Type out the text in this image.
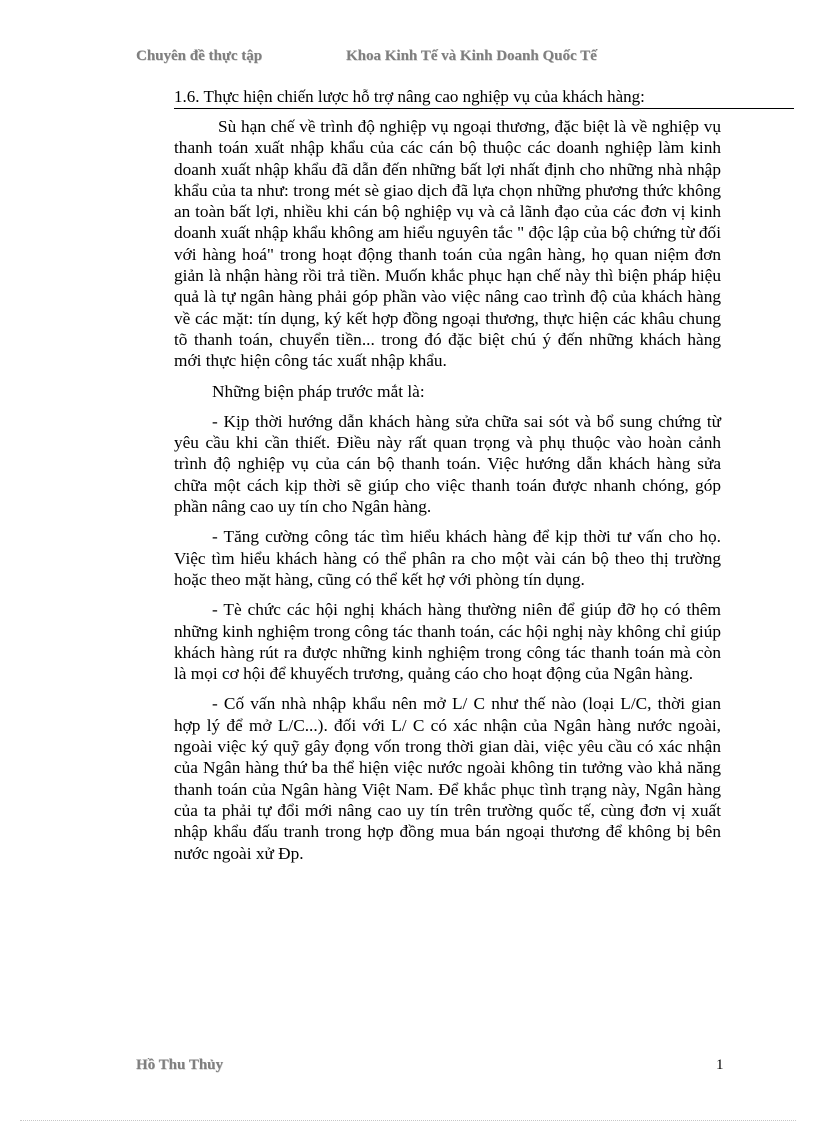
Chuyên đề thực tập	Khoa Kinh Tế và Kinh Doanh Quốc Tế
1.6. Thực hiện chiến lược hỗ trợ nâng cao nghiệp vụ của khách hàng:

Sù hạn chế về trình độ nghiệp vụ ngoại thương, đặc biệt là về nghiệp vụ thanh toán xuất nhập khẩu của các cán bộ thuộc các doanh nghiệp làm kinh doanh xuất nhập khẩu đã dẫn đến những bất lợi nhất định cho những nhà nhập khẩu của ta như: trong mét sè giao dịch đã lựa chọn những phương thức không an toàn bất lợi, nhiều khi cán bộ nghiệp vụ và cả lãnh đạo của các đơn vị kinh doanh xuất nhập khẩu không am hiểu nguyên tắc " độc lập của bộ chứng từ đối với hàng hoá" trong hoạt động thanh toán của ngân hàng, họ quan niệm đơn giản là nhận hàng rồi trả tiền. Muốn khắc phục hạn chế này thì biện pháp hiệu quả là tự ngân hàng phải góp phần vào việc nâng cao trình độ của khách hàng về các mặt: tín dụng, ký kết hợp đồng ngoại thương, thực hiện các khâu chung tõ thanh toán, chuyển tiền... trong đó đặc biệt chú ý đến những khách hàng mới thực hiện công tác xuất nhập khẩu.

Những biện pháp trước mắt là:

- Kịp thời hướng dẫn khách hàng sửa chữa sai sót và bổ sung chứng từ yêu cầu khi cần thiết. Điều này rất quan trọng và phụ thuộc vào hoàn cảnh trình độ nghiệp vụ của cán bộ thanh toán. Việc hướng dẫn khách hàng sửa chữa một cách kịp thời sẽ giúp cho việc thanh toán được nhanh chóng, góp phần nâng cao uy tín cho Ngân hàng.

- Tăng cường công tác tìm hiểu khách hàng để kịp thời tư vấn cho họ. Việc tìm hiểu khách hàng có thể phân ra cho một vài cán bộ theo thị trường hoặc theo mặt hàng, cũng có thể kết hợ với phòng tín dụng.

- Tè chức các hội nghị khách hàng thường niên để giúp đỡ họ có thêm những kinh nghiệm trong công tác thanh toán, các hội nghị này không chỉ giúp khách hàng rút ra được những kinh nghiệm trong công tác thanh toán mà còn là mọi cơ hội để khuyếch trương, quảng cáo cho hoạt động của Ngân hàng.

- Cố vấn nhà nhập khẩu nên mở L/ C như thế nào (loại L/C, thời gian hợp lý để mở L/C...). đối với L/ C có xác nhận của Ngân hàng nước ngoài, ngoài việc ký quỹ gây đọng vốn trong thời gian dài, việc yêu cầu có xác nhận của Ngân hàng thứ ba thể hiện việc nước ngoài không tin tưởng vào khả năng thanh toán của Ngân hàng Việt Nam. Để khắc phục tình trạng này, Ngân hàng của ta phải tự đổi mới nâng cao uy tín trên trường quốc tế, cùng đơn vị xuất nhập khẩu đấu tranh trong hợp đồng mua bán ngoại thương để không bị bên nước ngoài xử Đp.

Hồ Thu Thủy	1
